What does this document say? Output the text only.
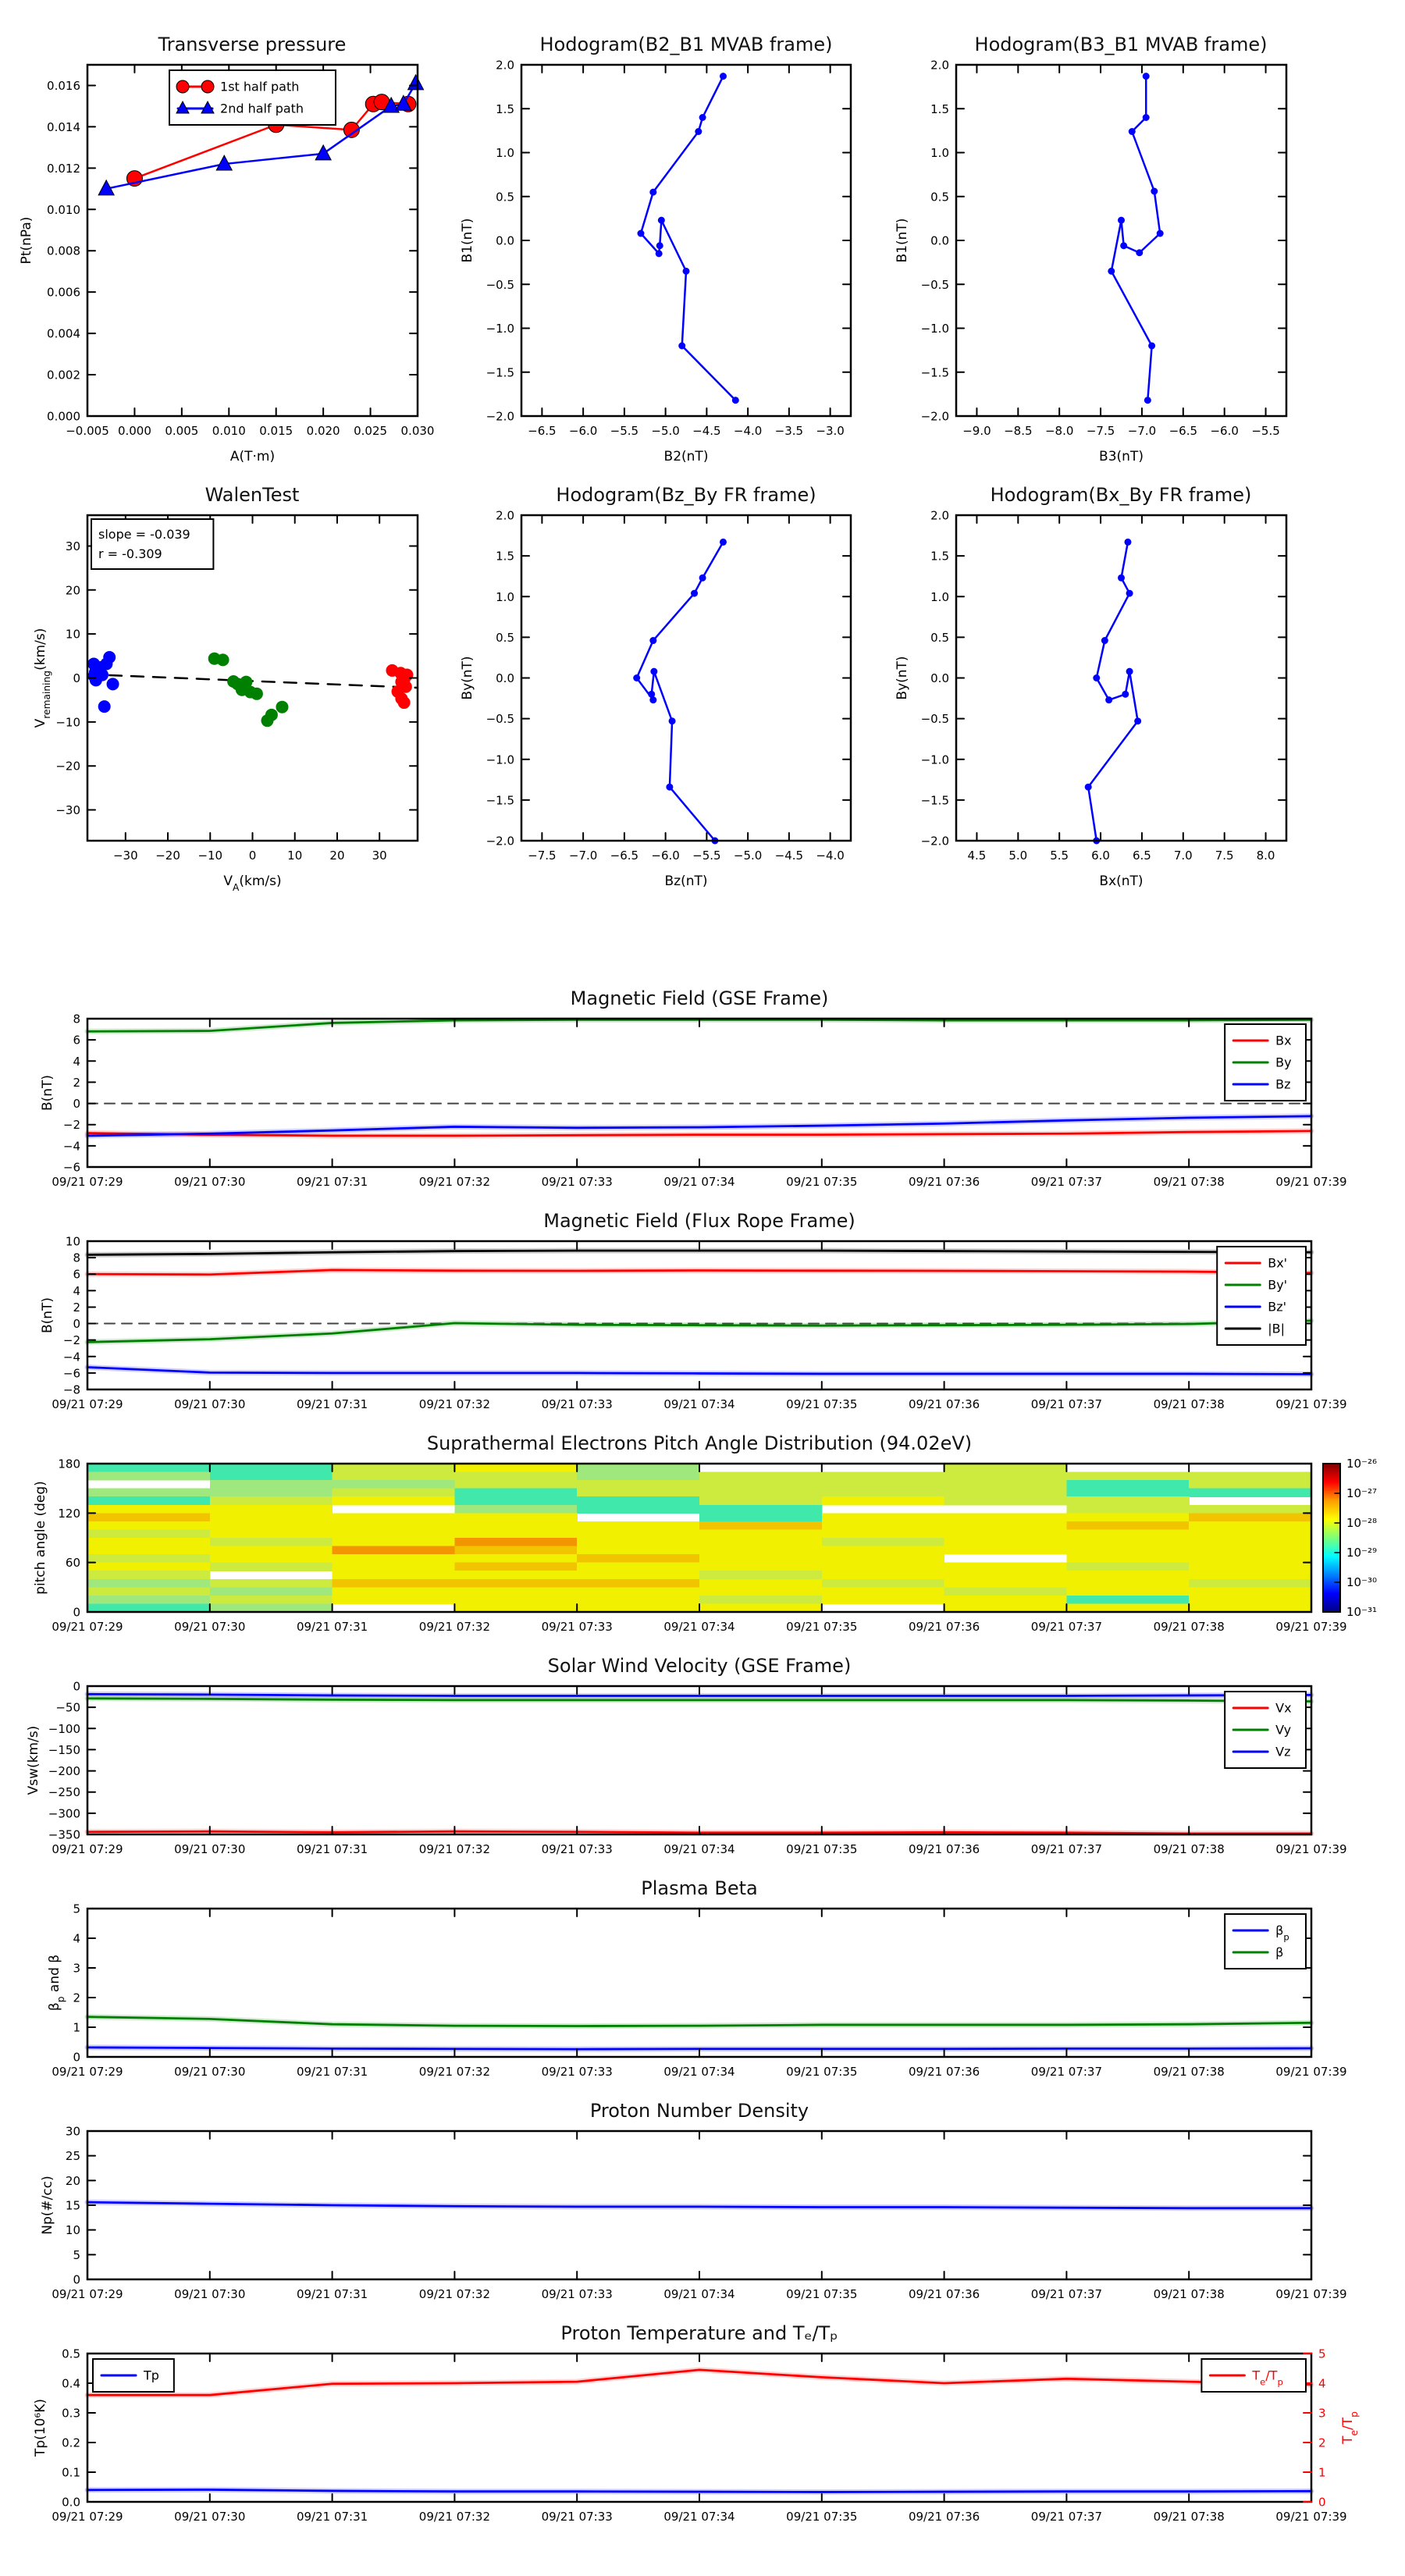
−0.005 0.000 0.005 0.010 0.015 0.020 0.025 0.030
0.000
0.002
0.004
0.006
0.008
0.010
0.012
0.014
0.016
Pt(nPa)
A(T·m)
1st half path
2nd half path
−6.5 −6.0 −5.5 −5.0 −4.5 −4.0 −3.5 −3.0
−2.0
−1.5
−1.0
−0.5
0.0
0.5
1.0
1.5
2.0
B1(nT)
B2(nT)
−9.0 −8.5 −8.0 −7.5 −7.0 −6.5 −6.0 −5.5
−2.0
−1.5
−1.0
−0.5
0.0
0.5
1.0
1.5
2.0
B1(nT)
B3(nT)
−30 −20 −10 0	10 20 30
−30
−20
−10
0
10
20
30
$V_{remaining}(km/s)$
$V_A(km/s)$
slope = -0.039
r = -0.309
−7.5 −7.0 −6.5 −6.0 −5.5 −5.0 −4.5 −4.0
−2.0
−1.5
−1.0
−0.5
0.0
0.5
1.0
1.5
2.0
By(nT)
Bz(nT)
4.5 5.0 5.5 6.0 6.5 7.0 7.5 8.0
−2.0
−1.5
−1.0
−0.5
0.0
0.5
1.0
1.5
2.0
By(nT)
Bx(nT)
09/21 07:29	09/21 07:30	09/21 07:31	09/21 07:32	09/21 07:33	09/21 07:34	09/21 07:35	09/21 07:36	09/21 07:37	09/21 07:38	09/21 07:39
−6
−4
−2
0
2
4
6
8
B(nT)
Bx
By
Bz
09/21 07:29	09/21 07:30	09/21 07:31	09/21 07:32	09/21 07:33	09/21 07:34	09/21 07:35	09/21 07:36	09/21 07:37	09/21 07:38	09/21 07:39
−8
−6
−4
−2
0
2
4
6
8
10
B(nT)
Bx'
By'
Bz'
|B|
09/21 07:29	09/21 07:30	09/21 07:31	09/21 07:32	09/21 07:33	09/21 07:34	09/21 07:35	09/21 07:36	09/21 07:37	09/21 07:38	09/21 07:39
0
60
120
180
pitch angle (deg)
10⁻²⁶
10⁻²⁷
10⁻²⁸
10⁻²⁹
10⁻³⁰
10⁻³¹
09/21 07:29	09/21 07:30	09/21 07:31	09/21 07:32	09/21 07:33	09/21 07:34	09/21 07:35	09/21 07:36	09/21 07:37	09/21 07:38	09/21 07:39
−350
−300
−250
−200
−150
−100
−50
0
Vsw(km/s)
Vx
Vy
Vz
09/21 07:29	09/21 07:30	09/21 07:31	09/21 07:32	09/21 07:33	09/21 07:34	09/21 07:35	09/21 07:36	09/21 07:37	09/21 07:38	09/21 07:39
0
1
2
3
4
5
$\beta_p$ and β
$\beta_p$
β
09/21 07:29	09/21 07:30	09/21 07:31	09/21 07:32	09/21 07:33	09/21 07:34	09/21 07:35	09/21 07:36	09/21 07:37	09/21 07:38	09/21 07:39
0
5
10
15
20
25
30
Np(#/cc)
09/21 07:29	09/21 07:30	09/21 07:31	09/21 07:32	09/21 07:33	09/21 07:34	09/21 07:35	09/21 07:36	09/21 07:37	09/21 07:38	09/21 07:39
0.0
0.1
0.2
0.3
0.4
0.5
0
1
2
3
4
5
$T_e/T_p$
Tp(10⁶K)
Tp	$T_e/T_p$
Transverse pressure	Hodogram(B2_B1 MVAB frame)	Hodogram(B3_B1 MVAB frame)
WalenTest	Hodogram(Bz_By FR frame)	Hodogram(Bx_By FR frame)
Magnetic Field (GSE Frame)
Magnetic Field (Flux Rope Frame)
Suprathermal Electrons Pitch Angle Distribution (94.02eV)
Solar Wind Velocity (GSE Frame)
Plasma Beta
Proton Number Density
Proton Temperature and Tₑ/Tₚ
